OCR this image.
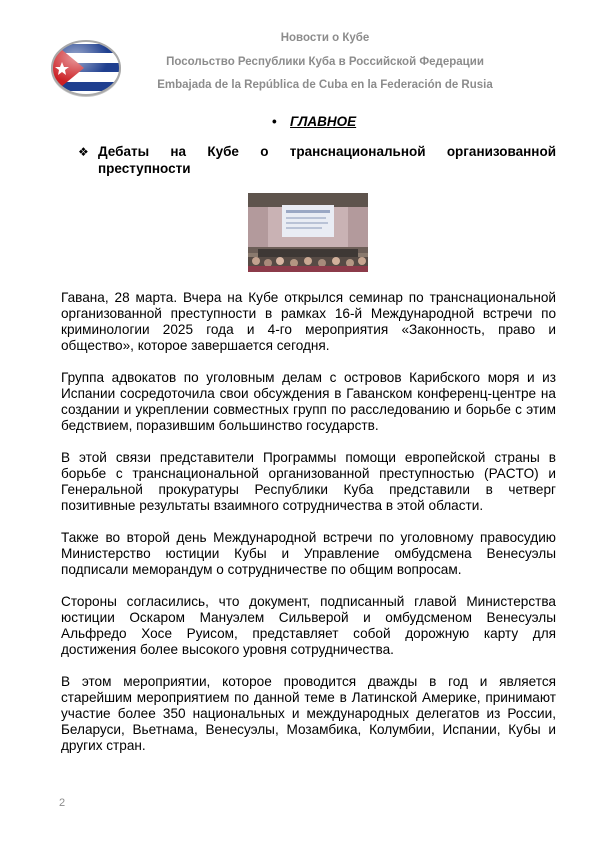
Новости о Кубе
Посольство Республики Куба в Российской Федерации
Embajada de la República de Cuba en la Federación de Rusia
• ГЛАВНОЕ
❖ Дебаты на Кубе о транснациональной организованной
преступности

Гавана, 28 марта. Вчера на Кубе открылся семинар по транснациональной организованной преступности в рамках 16-й Международной встречи по криминологии 2025 года и 4-го мероприятия «Законность, право и общество», которое завершается сегодня.

Группа адвокатов по уголовным делам с островов Карибского моря и из Испании сосредоточила свои обсуждения в Гаванском конференц-центре на создании и укреплении совместных групп по расследованию и борьбе с этим бедствием, поразившим большинство государств.

В этой связи представители Программы помощи европейской страны в борьбе с транснациональной организованной преступностью (PACTO) и Генеральной прокуратуры Республики Куба представили в четверг позитивные результаты взаимного сотрудничества в этой области.

Также во второй день Международной встречи по уголовному правосудию Министерство юстиции Кубы и Управление омбудсмена Венесуэлы подписали меморандум о сотрудничестве по общим вопросам.

Стороны согласились, что документ, подписанный главой Министерства юстиции Оскаром Мануэлем Сильверой и омбудсменом Венесуэлы Альфредо Хосе Руисом, представляет собой дорожную карту для достижения более высокого уровня сотрудничества.

В этом мероприятии, которое проводится дважды в год и является старейшим мероприятием по данной теме в Латинской Америке, принимают участие более 350 национальных и международных делегатов из России, Беларуси, Вьетнама, Венесуэлы, Мозамбика, Колумбии, Испании, Кубы и других стран.

2
